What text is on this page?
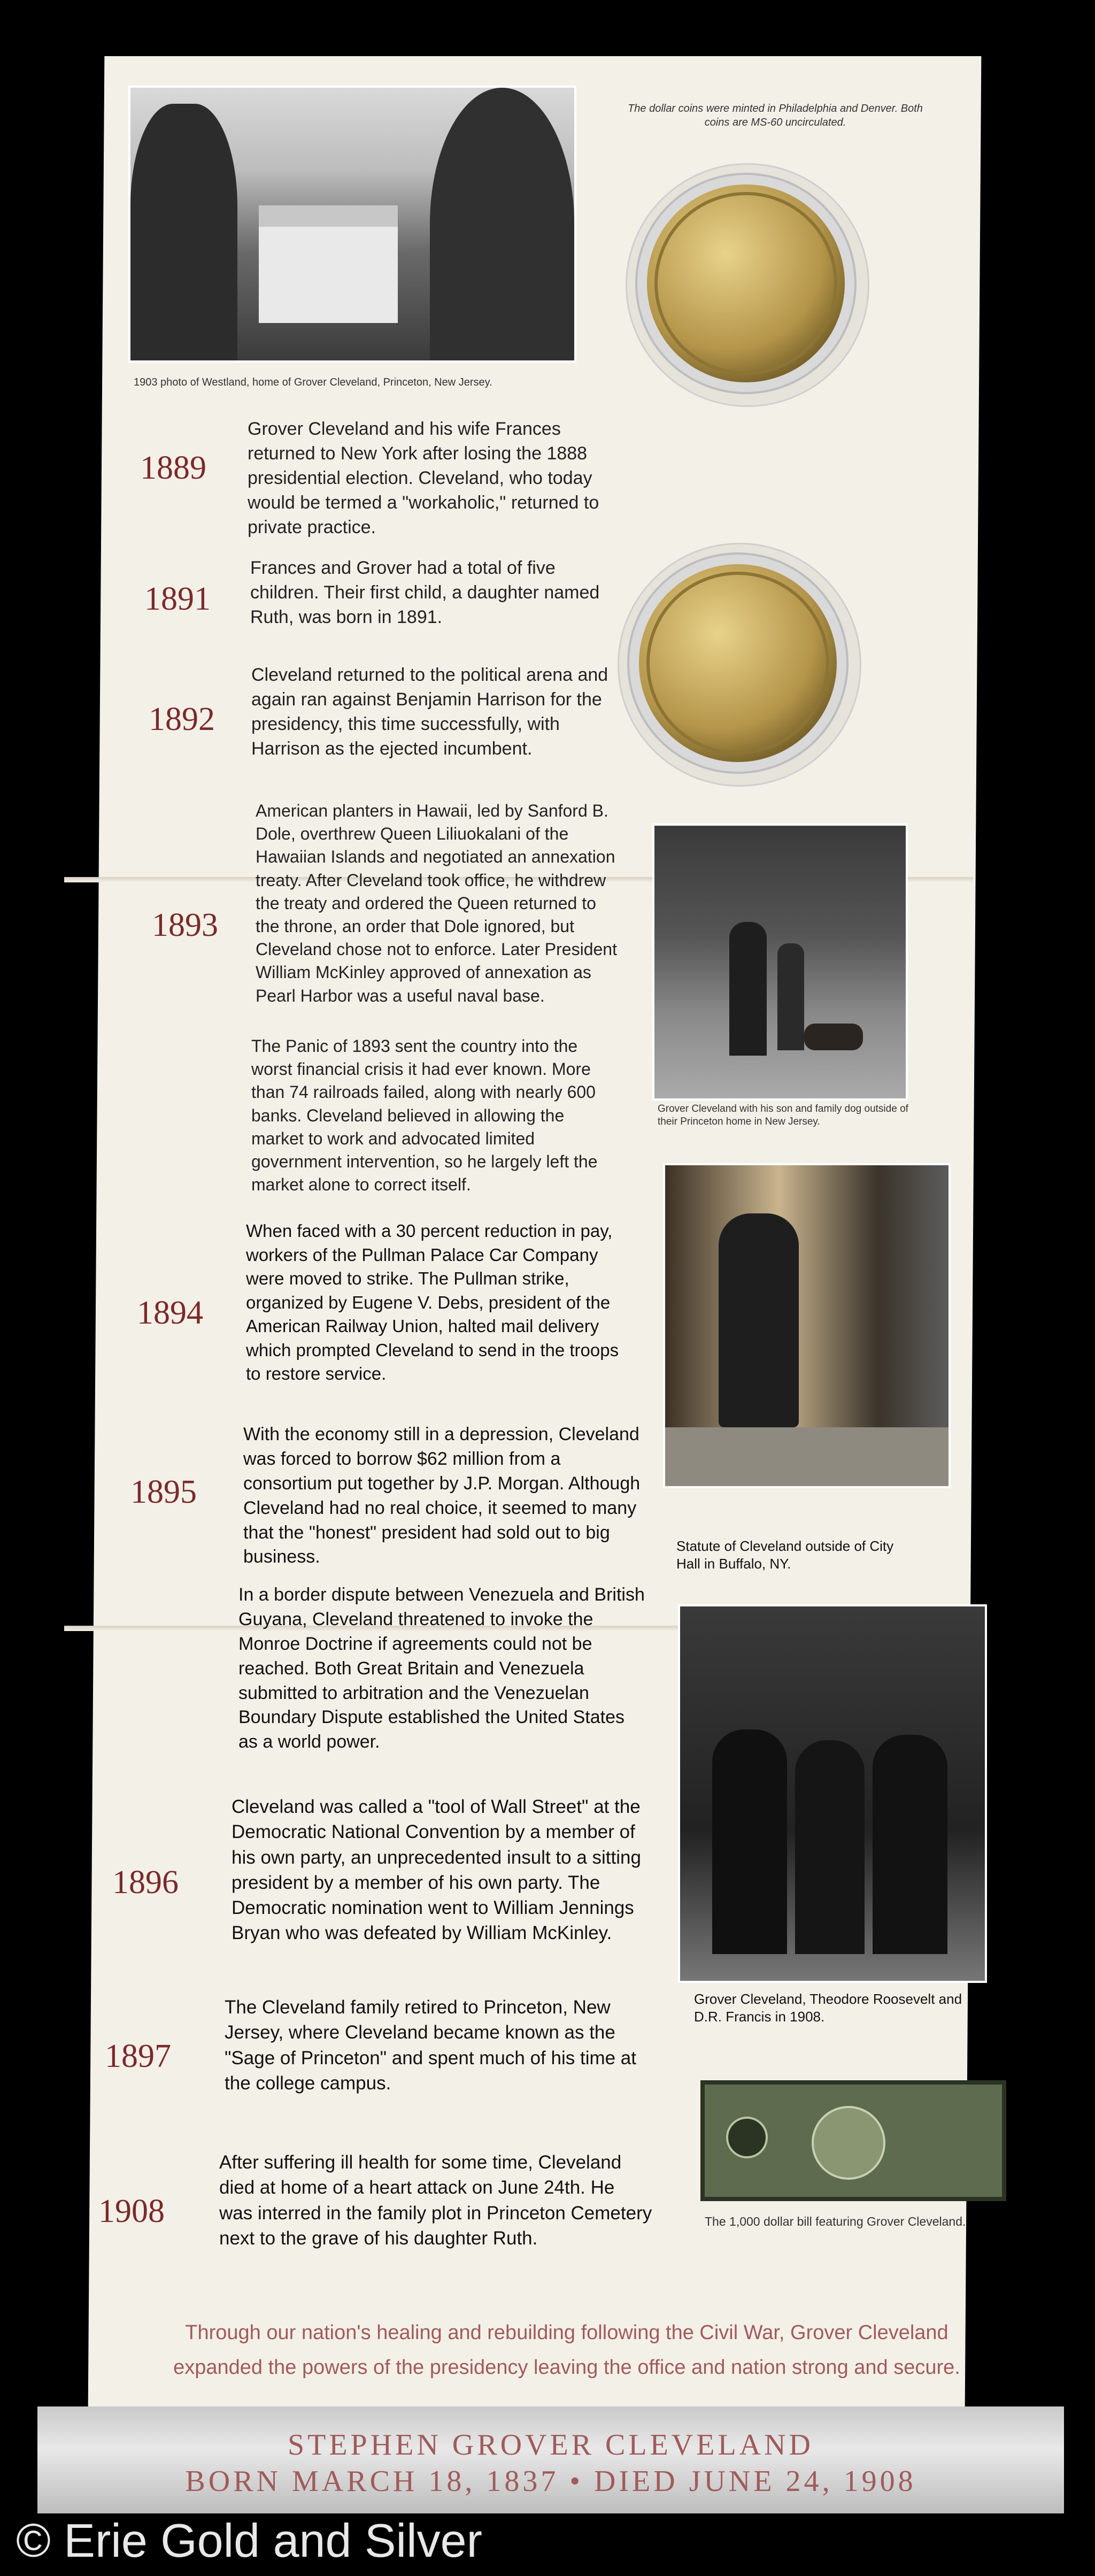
1903 photo of Westland, home of Grover Cleveland, Princeton, New Jersey.
The dollar coins were minted in Philadelphia and Denver. Both coins are MS-60 uncirculated.
1889
1891
1892
1893
1894
1895
1896
1897
1908
Grover Cleveland and his wife Frances returned to New York after losing the 1888 presidential election. Cleveland, who today would be termed a "workaholic," returned to private practice.
Frances and Grover had a total of five children. Their first child, a daughter named Ruth, was born in 1891.
Cleveland returned to the political arena and again ran against Benjamin Harrison for the presidency, this time successfully, with Harrison as the ejected incumbent.
American planters in Hawaii, led by Sanford B. Dole, overthrew Queen Liliuokalani of the Hawaiian Islands and negotiated an annexation treaty. After Cleveland took office, he withdrew the treaty and ordered the Queen returned to the throne, an order that Dole ignored, but Cleveland chose not to enforce. Later President William McKinley approved of annexation as Pearl Harbor was a useful naval base.
The Panic of 1893 sent the country into the worst financial crisis it had ever known. More than 74 railroads failed, along with nearly 600 banks. Cleveland believed in allowing the market to work and advocated limited government intervention, so he largely left the market alone to correct itself.
When faced with a 30 percent reduction in pay, workers of the Pullman Palace Car Company were moved to strike. The Pullman strike, organized by Eugene V. Debs, president of the American Railway Union, halted mail delivery which prompted Cleveland to send in the troops to restore service.
With the economy still in a depression, Cleveland was forced to borrow $62 million from a consortium put together by J.P. Morgan. Although Cleveland had no real choice, it seemed to many that the "honest" president had sold out to big business.
In a border dispute between Venezuela and British Guyana, Cleveland threatened to invoke the Monroe Doctrine if agreements could not be reached. Both Great Britain and Venezuela submitted to arbitration and the Venezuelan Boundary Dispute established the United States as a world power.
Cleveland was called a "tool of Wall Street" at the Democratic National Convention by a member of his own party, an unprecedented insult to a sitting president by a member of his own party. The Democratic nomination went to William Jennings Bryan who was defeated by William McKinley.
The Cleveland family retired to Princeton, New Jersey, where Cleveland became known as the "Sage of Princeton" and spent much of his time at the college campus.
After suffering ill health for some time, Cleveland died at home of a heart attack on June 24th. He was interred in the family plot in Princeton Cemetery next to the grave of his daughter Ruth.
Grover Cleveland with his son and family dog outside of their Princeton home in New Jersey.
Statute of Cleveland outside of City Hall in Buffalo, NY.
Grover Cleveland, Theodore Roosevelt and D.R. Francis in 1908.
The 1,000 dollar bill featuring Grover Cleveland.
Through our nation's healing and rebuilding following the Civil War, Grover Cleveland expanded the powers of the presidency leaving the office and nation strong and secure.
STEPHEN GROVER CLEVELAND
BORN MARCH 18, 1837 • DIED JUNE 24, 1908
© Erie Gold and Silver
